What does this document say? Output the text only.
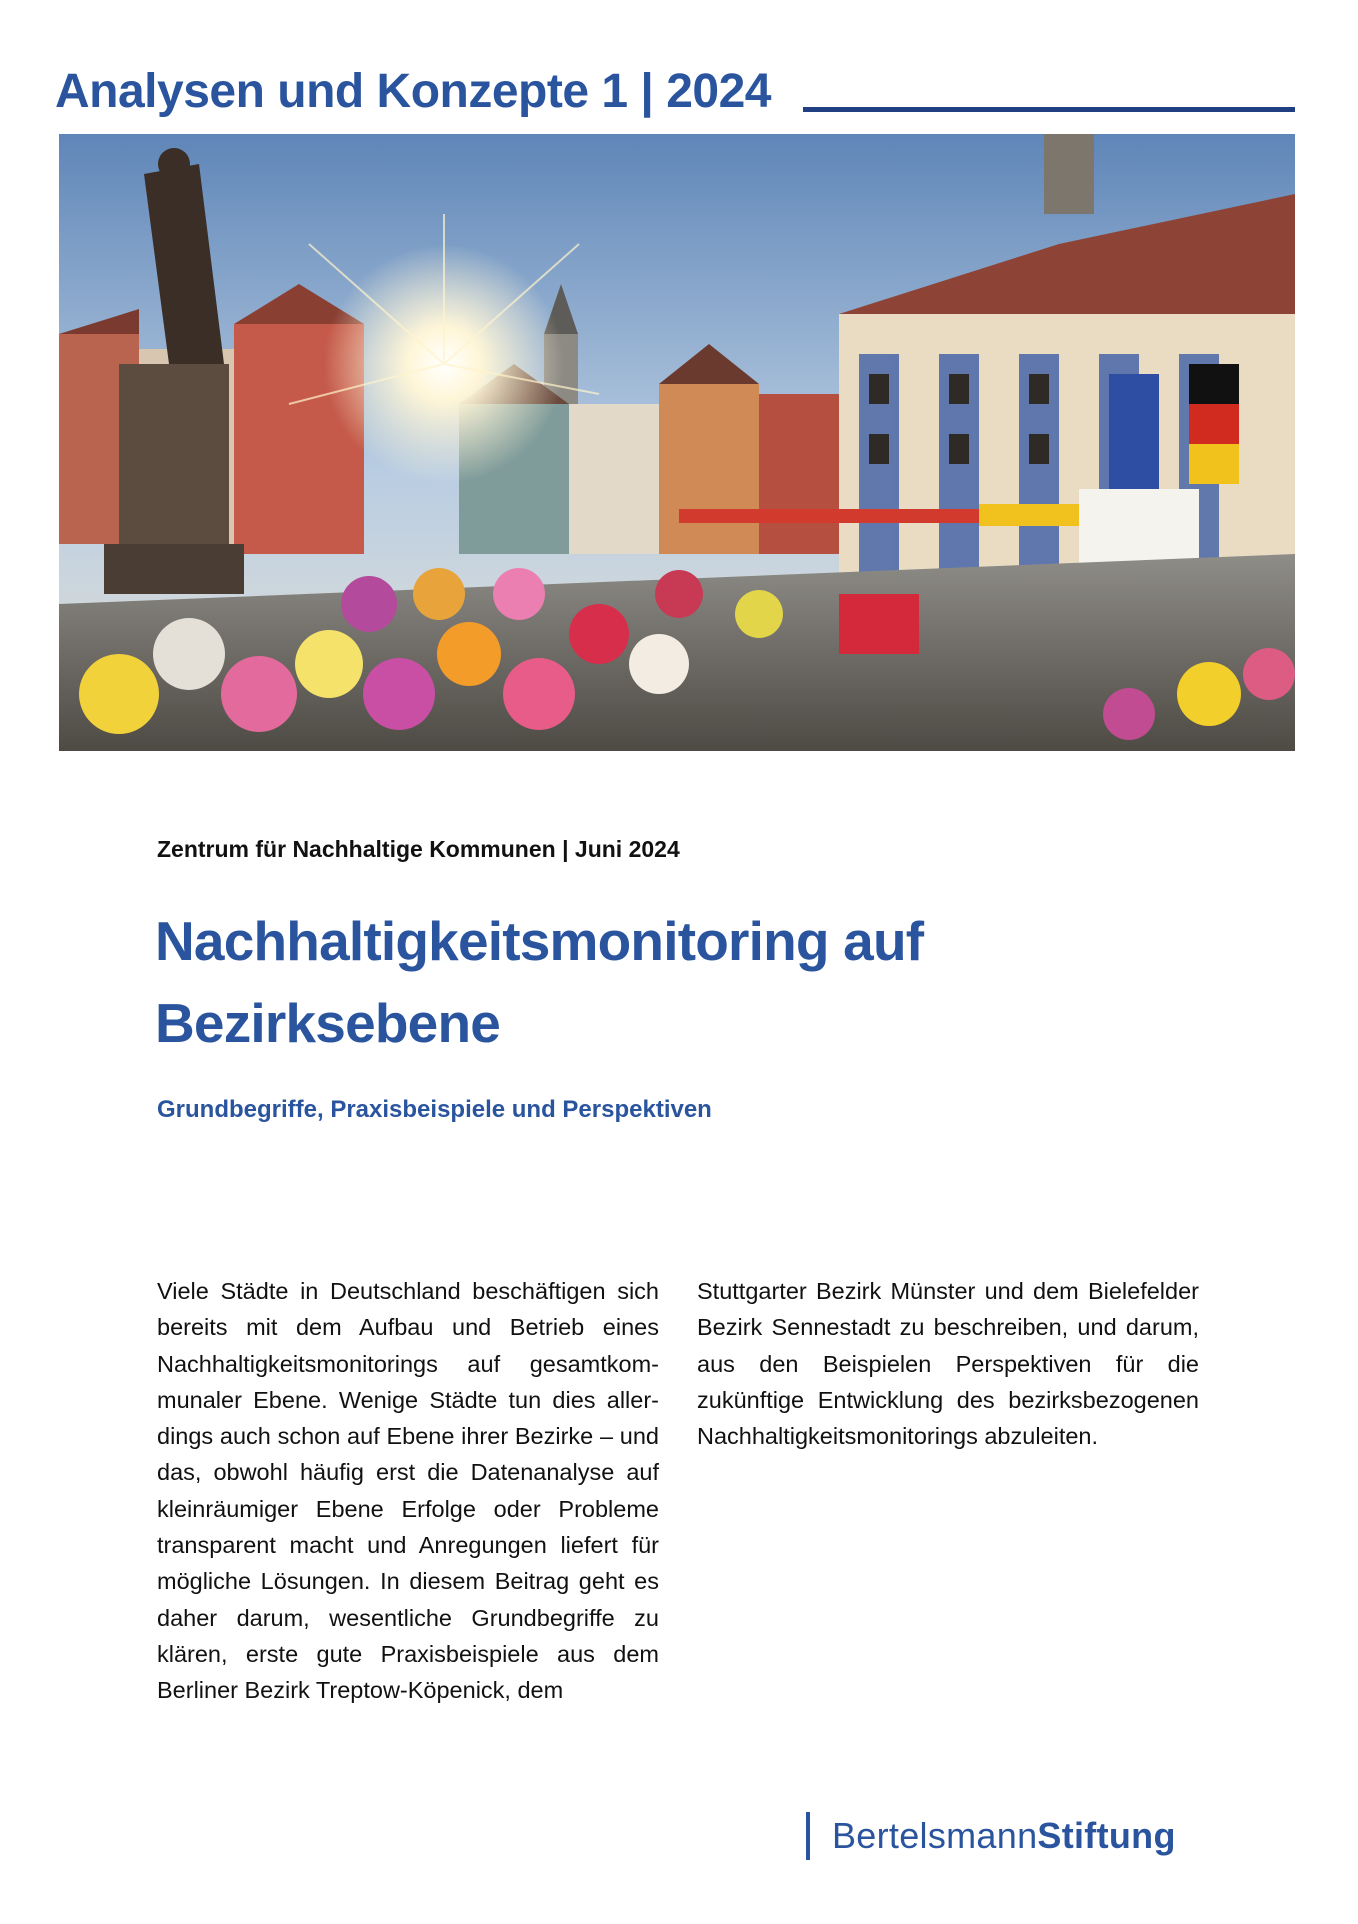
Analysen und Konzepte 1 | 2024
Zentrum für Nachhaltige Kommunen | Juni 2024
Nachhaltigkeitsmonitoring auf Bezirksebene
Grundbegriffe, Praxisbeispiele und Perspektiven

Viele Städte in Deutschland beschäftigen sich bereits mit dem Aufbau und Betrieb eines Nachhaltigkeitsmonitorings auf gesamtkommunaler Ebene. Wenige Städte tun dies allerdings auch schon auf Ebene ihrer Bezirke – und das, obwohl häufig erst die Datenanalyse auf kleinräumiger Ebene Erfolge oder Probleme transparent macht und Anregungen liefert für mögliche Lösungen. In diesem Beitrag geht es daher darum, wesentliche Grundbegriffe zu klären, erste gute Praxisbeispiele aus dem Berliner Bezirk Treptow-Köpenick, dem

Stuttgarter Bezirk Münster und dem Bielefelder Bezirk Sennestadt zu beschreiben, und darum, aus den Beispielen Perspektiven für die zukünftige Entwicklung des bezirksbezogenen Nachhaltigkeitsmonitorings abzuleiten.

BertelsmannStiftung
